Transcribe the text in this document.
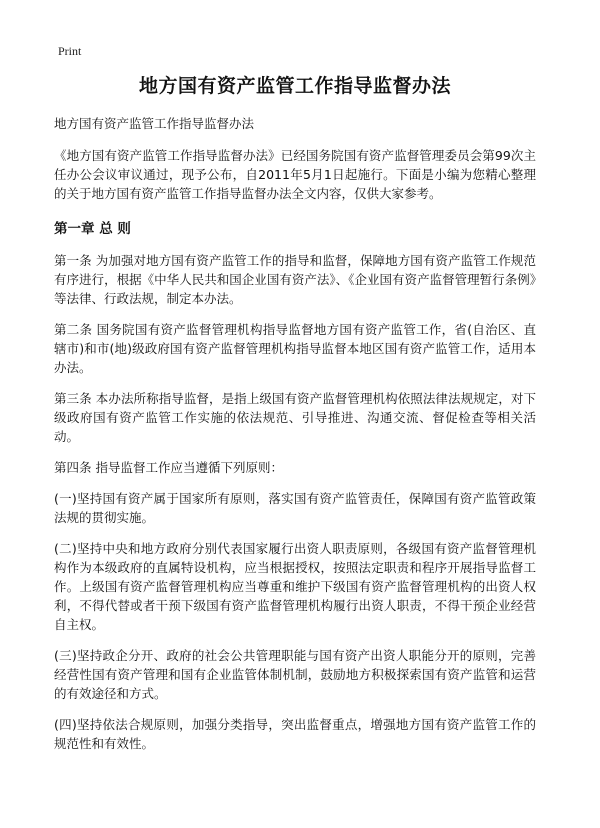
Print
地方国有资产监管工作指导监督办法
地方国有资产监管工作指导监督办法

《地方国有资产监管工作指导监督办法》已经国务院国有资产监督管理委员会第99次主任办公会议审议通过，现予公布，自2011年5月1日起施行。下面是小编为您精心整理的关于地方国有资产监管工作指导监督办法全文内容，仅供大家参考。

第一章 总 则

第一条 为加强对地方国有资产监管工作的指导和监督，保障地方国有资产监管工作规范有序进行，根据《中华人民共和国企业国有资产法》、《企业国有资产监督管理暂行条例》等法律、行政法规，制定本办法。

第二条 国务院国有资产监督管理机构指导监督地方国有资产监管工作，省(自治区、直辖市)和市(地)级政府国有资产监督管理机构指导监督本地区国有资产监管工作，适用本办法。

第三条 本办法所称指导监督，是指上级国有资产监督管理机构依照法律法规规定，对下级政府国有资产监管工作实施的依法规范、引导推进、沟通交流、督促检查等相关活动。

第四条 指导监督工作应当遵循下列原则：

(一)坚持国有资产属于国家所有原则，落实国有资产监管责任，保障国有资产监管政策法规的贯彻实施。

(二)坚持中央和地方政府分别代表国家履行出资人职责原则，各级国有资产监督管理机构作为本级政府的直属特设机构，应当根据授权，按照法定职责和程序开展指导监督工作。上级国有资产监督管理机构应当尊重和维护下级国有资产监督管理机构的出资人权利，不得代替或者干预下级国有资产监督管理机构履行出资人职责，不得干预企业经营自主权。

(三)坚持政企分开、政府的社会公共管理职能与国有资产出资人职能分开的原则，完善经营性国有资产管理和国有企业监管体制机制，鼓励地方积极探索国有资产监管和运营的有效途径和方式。

(四)坚持依法合规原则，加强分类指导，突出监督重点，增强地方国有资产监管工作的规范性和有效性。
